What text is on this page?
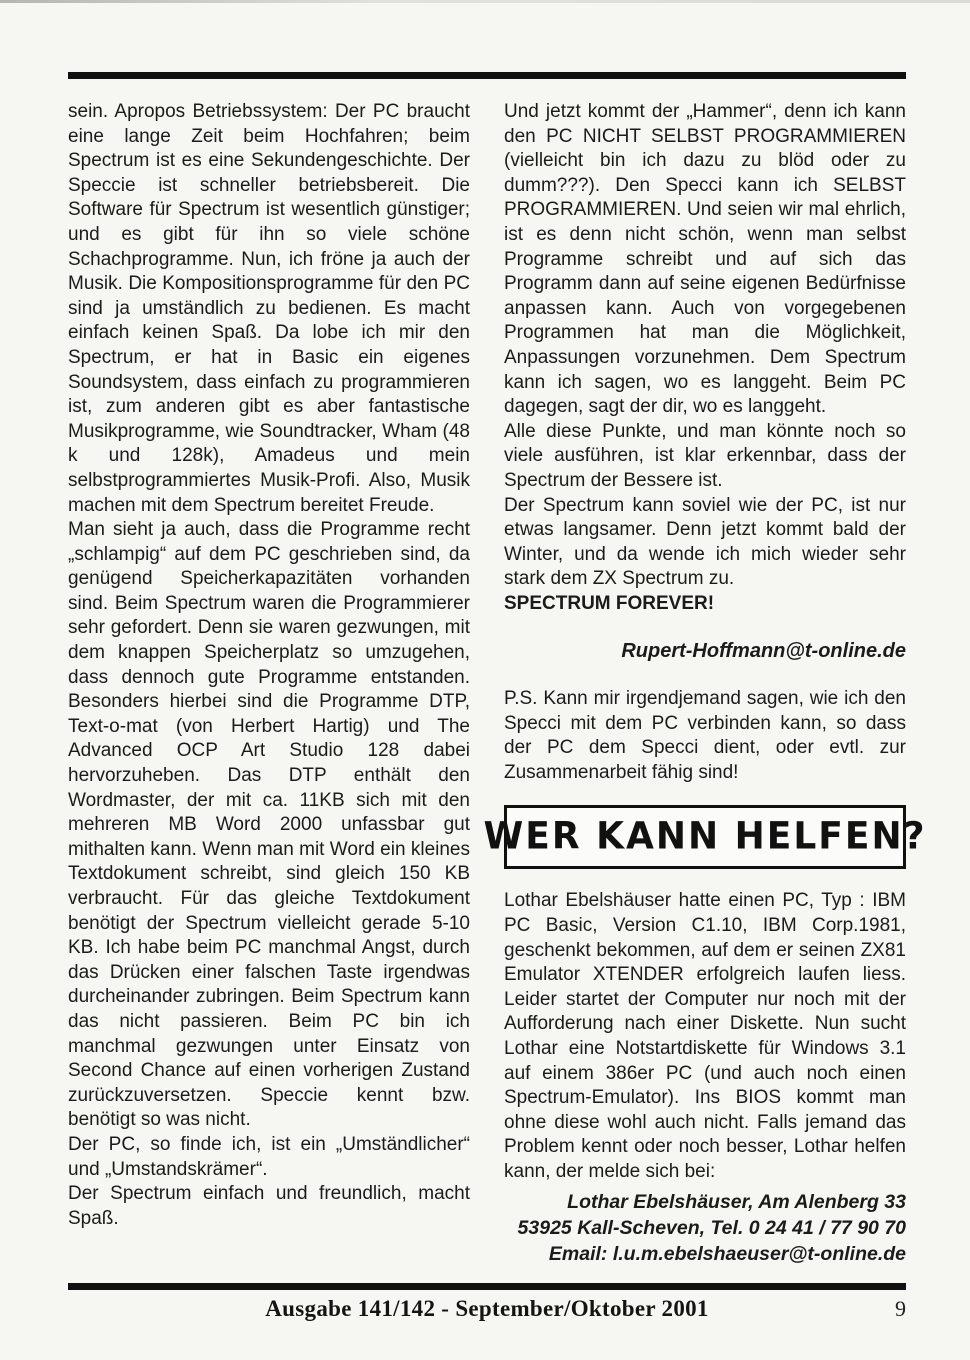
sein. Apropos Betriebssystem: Der PC braucht eine lange Zeit beim Hochfahren; beim Spectrum ist es eine Sekundengeschichte. Der Speccie ist schneller betriebsbereit. Die Software für Spectrum ist wesentlich günstiger; und es gibt für ihn so viele schöne Schachprogramme. Nun, ich fröne ja auch der Musik. Die Kompositionsprogramme für den PC sind ja umständlich zu bedienen. Es macht einfach keinen Spaß. Da lobe ich mir den Spectrum, er hat in Basic ein eigenes Soundsystem, dass einfach zu programmieren ist, zum anderen gibt es aber fantastische Musikprogramme, wie Soundtracker, Wham (48 k und 128k), Amadeus und mein selbstprogrammiertes Musik-Profi. Also, Musik machen mit dem Spectrum bereitet Freude.

Man sieht ja auch, dass die Programme recht „schlampig“ auf dem PC geschrieben sind, da genügend Speicherkapazitäten vorhanden sind. Beim Spectrum waren die Programmierer sehr gefordert. Denn sie waren gezwungen, mit dem knappen Speicherplatz so umzugehen, dass dennoch gute Programme entstanden. Besonders hierbei sind die Programme DTP, Text-o-mat (von Herbert Hartig) und The Advanced OCP Art Studio 128 dabei hervorzuheben. Das DTP enthält den Wordmaster, der mit ca. 11KB sich mit den mehreren MB Word 2000 unfassbar gut mithalten kann. Wenn man mit Word ein kleines Textdokument schreibt, sind gleich 150 KB verbraucht. Für das gleiche Textdokument benötigt der Spectrum vielleicht gerade 5-10 KB. Ich habe beim PC manchmal Angst, durch das Drücken einer falschen Taste irgendwas durcheinander zubringen. Beim Spectrum kann das nicht passieren. Beim PC bin ich manchmal gezwungen unter Einsatz von Second Chance auf einen vorherigen Zustand zurückzuversetzen. Speccie kennt bzw. benötigt so was nicht.

Der PC, so finde ich, ist ein „Umständlicher“ und „Umstandskrämer“.

Der Spectrum einfach und freundlich, macht Spaß.

Und jetzt kommt der „Hammer“, denn ich kann den PC NICHT SELBST PROGRAMMIEREN (vielleicht bin ich dazu zu blöd oder zu dumm???). Den Specci kann ich SELBST PROGRAMMIEREN. Und seien wir mal ehrlich, ist es denn nicht schön, wenn man selbst Programme schreibt und auf sich das Programm dann auf seine eigenen Bedürfnisse anpassen kann. Auch von vorgegebenen Programmen hat man die Möglichkeit, Anpassungen vorzunehmen. Dem Spectrum kann ich sagen, wo es langgeht. Beim PC dagegen, sagt der dir, wo es langgeht.

Alle diese Punkte, und man könnte noch so viele ausführen, ist klar erkennbar, dass der Spectrum der Bessere ist.

Der Spectrum kann soviel wie der PC, ist nur etwas langsamer. Denn jetzt kommt bald der Winter, und da wende ich mich wieder sehr stark dem ZX Spectrum zu.

SPECTRUM FOREVER!

Rupert-Hoffmann@t-online.de

P.S. Kann mir irgendjemand sagen, wie ich den Specci mit dem PC verbinden kann, so dass der PC dem Specci dient, oder evtl. zur Zusammenarbeit fähig sind!

WER KANN HELFEN?

Lothar Ebelshäuser hatte einen PC, Typ : IBM PC Basic, Version C1.10, IBM Corp.1981, geschenkt bekommen, auf dem er seinen ZX81 Emulator XTENDER erfolgreich laufen liess. Leider startet der Computer nur noch mit der Aufforderung nach einer Diskette. Nun sucht Lothar eine Notstartdiskette für Windows 3.1 auf einem 386er PC (und auch noch einen Spectrum-Emulator). Ins BIOS kommt man ohne diese wohl auch nicht. Falls jemand das Problem kennt oder noch besser, Lothar helfen kann, der melde sich bei:

Lothar Ebelshäuser, Am Alenberg 33
53925 Kall-Scheven, Tel. 0 24 41 / 77 90 70
Email: l.u.m.ebelshaeuser@t-online.de
Ausgabe 141/142 - September/Oktober 2001	9
